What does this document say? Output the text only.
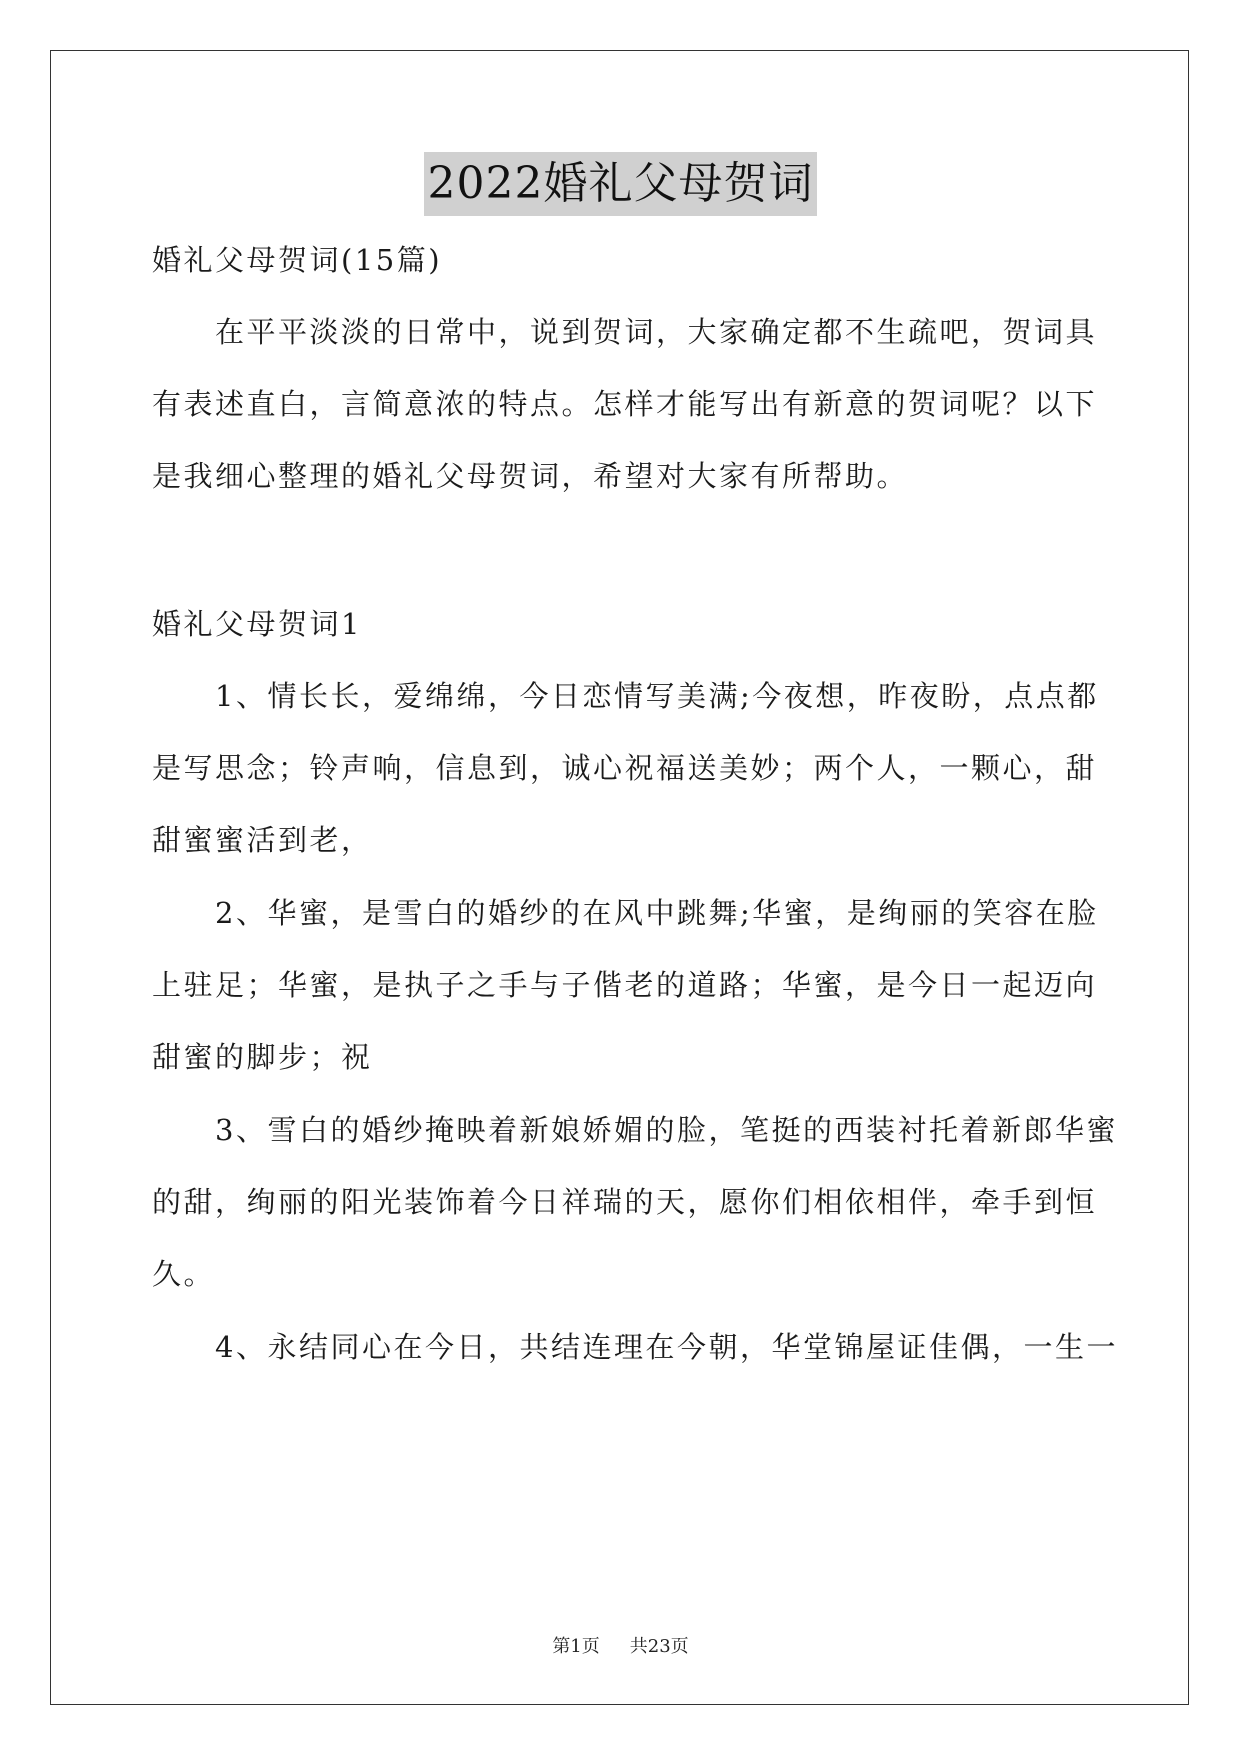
2022婚礼父母贺词
婚礼父母贺词(15篇)
　　在平平淡淡的日常中，说到贺词，大家确定都不生疏吧，贺词具
有表述直白，言简意浓的特点。怎样才能写出有新意的贺词呢？以下
是我细心整理的婚礼父母贺词，希望对大家有所帮助。
婚礼父母贺词1
　　1、情长长，爱绵绵，今日恋情写美满;今夜想，昨夜盼，点点都
是写思念；铃声响，信息到，诚心祝福送美妙；两个人，一颗心，甜
甜蜜蜜活到老，
　　2、华蜜，是雪白的婚纱的在风中跳舞;华蜜，是绚丽的笑容在脸
上驻足；华蜜，是执子之手与子偕老的道路；华蜜，是今日一起迈向
甜蜜的脚步；祝
　　3、雪白的婚纱掩映着新娘娇媚的脸，笔挺的西装衬托着新郎华蜜
的甜，绚丽的阳光装饰着今日祥瑞的天，愿你们相依相伴，牵手到恒
久。
　　4、永结同心在今日，共结连理在今朝，华堂锦屋证佳偶，一生一
第1页 共23页
